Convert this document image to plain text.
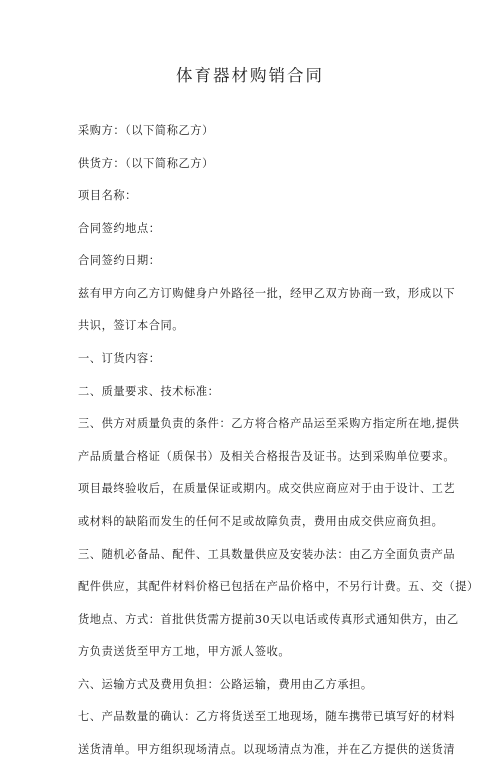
体育器材购销合同
采购方：（以下简称乙方）
供货方：（以下简称乙方）
项目名称：
合同签约地点：
合同签约日期：
兹有甲方向乙方订购健身户外路径一批，经甲乙双方协商一致，形成以下
共识，签订本合同。
一、订货内容：
二、质量要求、技术标准：
三、供方对质量负责的条件：乙方将合格产品运至采购方指定所在地,提供
产品质量合格证（质保书）及相关合格报告及证书。达到采购单位要求。
项目最终验收后，在质量保证或期内。成交供应商应对于由于设计、工艺
或材料的缺陷而发生的任何不足或故障负责，费用由成交供应商负担。
三、随机必备品、配件、工具数量供应及安装办法：由乙方全面负责产品
配件供应，其配件材料价格已包括在产品价格中，不另行计费。五、交（提）
货地点、方式：首批供货需方提前30天以电话或传真形式通知供方，由乙
方负责送货至甲方工地，甲方派人签收。
六、运输方式及费用负担：公路运输，费用由乙方承担。
七、产品数量的确认：乙方将货送至工地现场，随车携带已填写好的材料
送货清单。甲方组织现场清点。以现场清点为准，并在乙方提供的送货清
